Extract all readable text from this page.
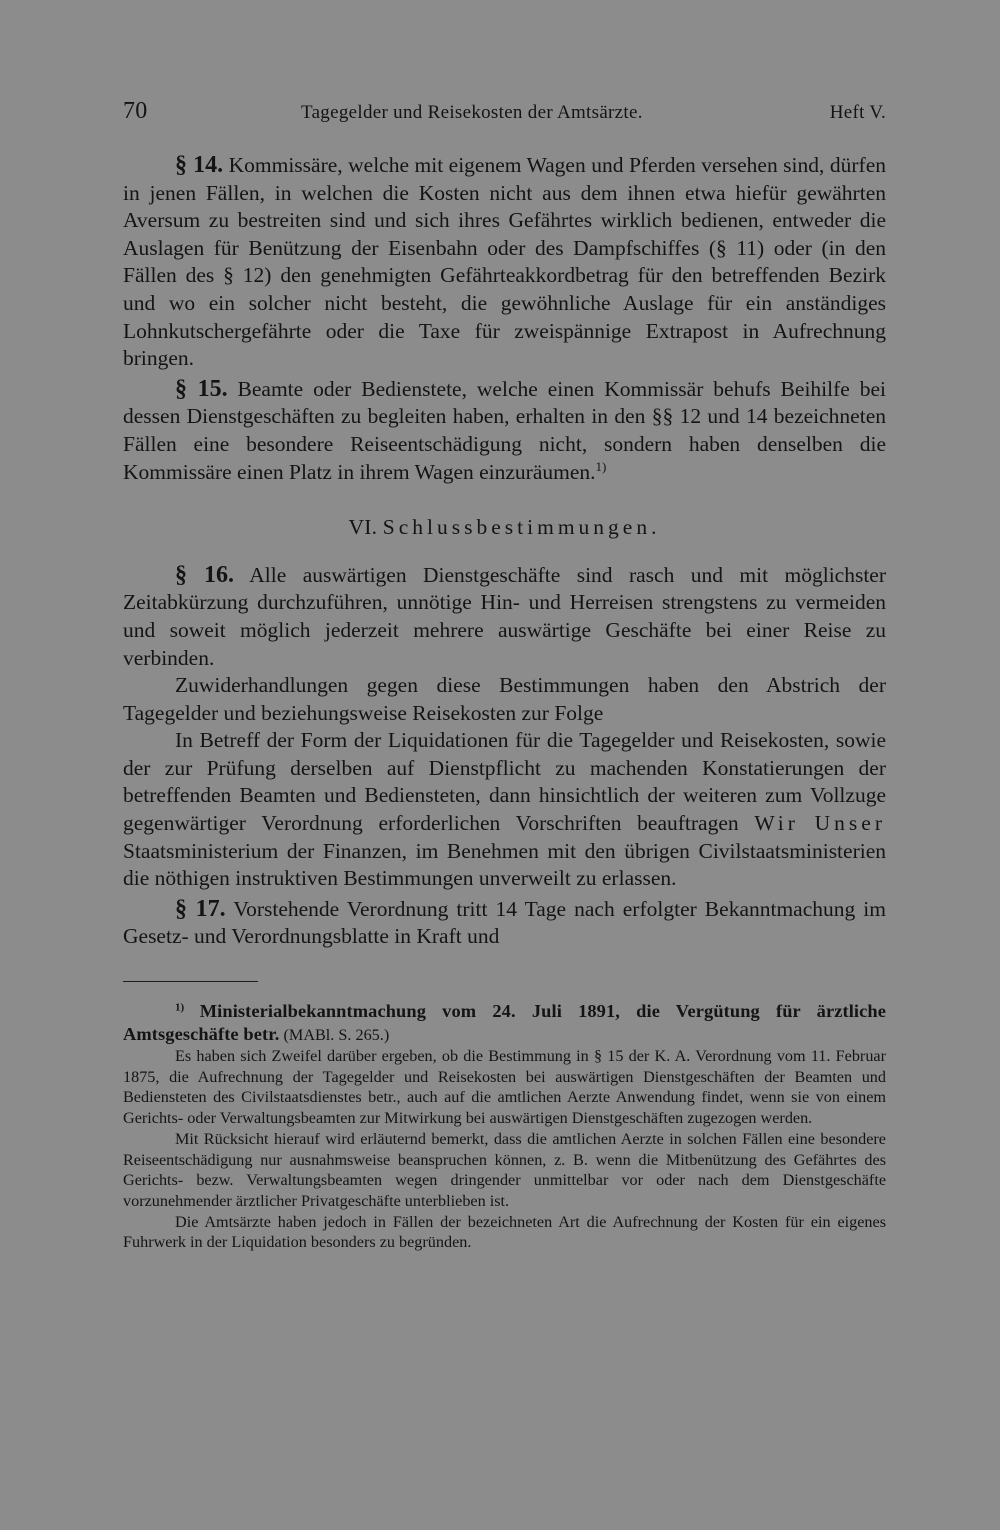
70	Tagegelder und Reisekosten der Amtsärzte.	Heft V.

§ 14. Kommissäre, welche mit eigenem Wagen und Pferden versehen sind, dürfen in jenen Fällen, in welchen die Kosten nicht aus dem ihnen etwa hiefür gewährten Aversum zu bestreiten sind und sich ihres Gefährtes wirklich bedienen, entweder die Auslagen für Benützung der Eisenbahn oder des Dampfschiffes (§ 11) oder (in den Fällen des § 12) den genehmigten Gefährteakkordbetrag für den betreffenden Bezirk und wo ein solcher nicht besteht, die gewöhnliche Auslage für ein anständiges Lohnkutschergefährte oder die Taxe für zweispännige Extrapost in Aufrechnung bringen.

§ 15. Beamte oder Bedienstete, welche einen Kommissär behufs Beihilfe bei dessen Dienstgeschäften zu begleiten haben, erhalten in den §§ 12 und 14 bezeichneten Fällen eine besondere Reiseentschädigung nicht, sondern haben denselben die Kommissäre einen Platz in ihrem Wagen einzuräumen.$^{1)}$

VI. Schlussbestimmungen.

§ 16. Alle auswärtigen Dienstgeschäfte sind rasch und mit möglichster Zeitabkürzung durchzuführen, unnötige Hin- und Herreisen strengstens zu vermeiden und soweit möglich jederzeit mehrere auswärtige Geschäfte bei einer Reise zu verbinden.

Zuwiderhandlungen gegen diese Bestimmungen haben den Abstrich der Tagegelder und beziehungsweise Reisekosten zur Folge

In Betreff der Form der Liquidationen für die Tagegelder und Reisekosten, sowie der zur Prüfung derselben auf Dienstpflicht zu machenden Konstatierungen der betreffenden Beamten und Bediensteten, dann hinsichtlich der weiteren zum Vollzuge gegenwärtiger Verordnung erforderlichen Vorschriften beauftragen Wir Unser Staatsministerium der Finanzen, im Benehmen mit den übrigen Civilstaatsministerien die nöthigen instruktiven Bestimmungen unverweilt zu erlassen.

§ 17. Vorstehende Verordnung tritt 14 Tage nach erfolgter Bekanntmachung im Gesetz- und Verordnungsblatte in Kraft und

$^{1)}$ Ministerialbekanntmachung vom 24. Juli 1891, die Vergütung für ärztliche Amtsgeschäfte betr. (MABl. S. 265.)

Es haben sich Zweifel darüber ergeben, ob die Bestimmung in § 15 der K. A. Verordnung vom 11. Februar 1875, die Aufrechnung der Tagegelder und Reisekosten bei auswärtigen Dienstgeschäften der Beamten und Bediensteten des Civilstaatsdienstes betr., auch auf die amtlichen Aerzte Anwendung findet, wenn sie von einem Gerichts- oder Verwaltungsbeamten zur Mitwirkung bei auswärtigen Dienstgeschäften zugezogen werden.

Mit Rücksicht hierauf wird erläuternd bemerkt, dass die amtlichen Aerzte in solchen Fällen eine besondere Reiseentschädigung nur ausnahmsweise beanspruchen können, z. B. wenn die Mitbenützung des Gefährtes des Gerichts- bezw. Verwaltungsbeamten wegen dringender unmittelbar vor oder nach dem Dienstgeschäfte vorzunehmender ärztlicher Privatgeschäfte unterblieben ist.

Die Amtsärzte haben jedoch in Fällen der bezeichneten Art die Aufrechnung der Kosten für ein eigenes Fuhrwerk in der Liquidation besonders zu begründen.
